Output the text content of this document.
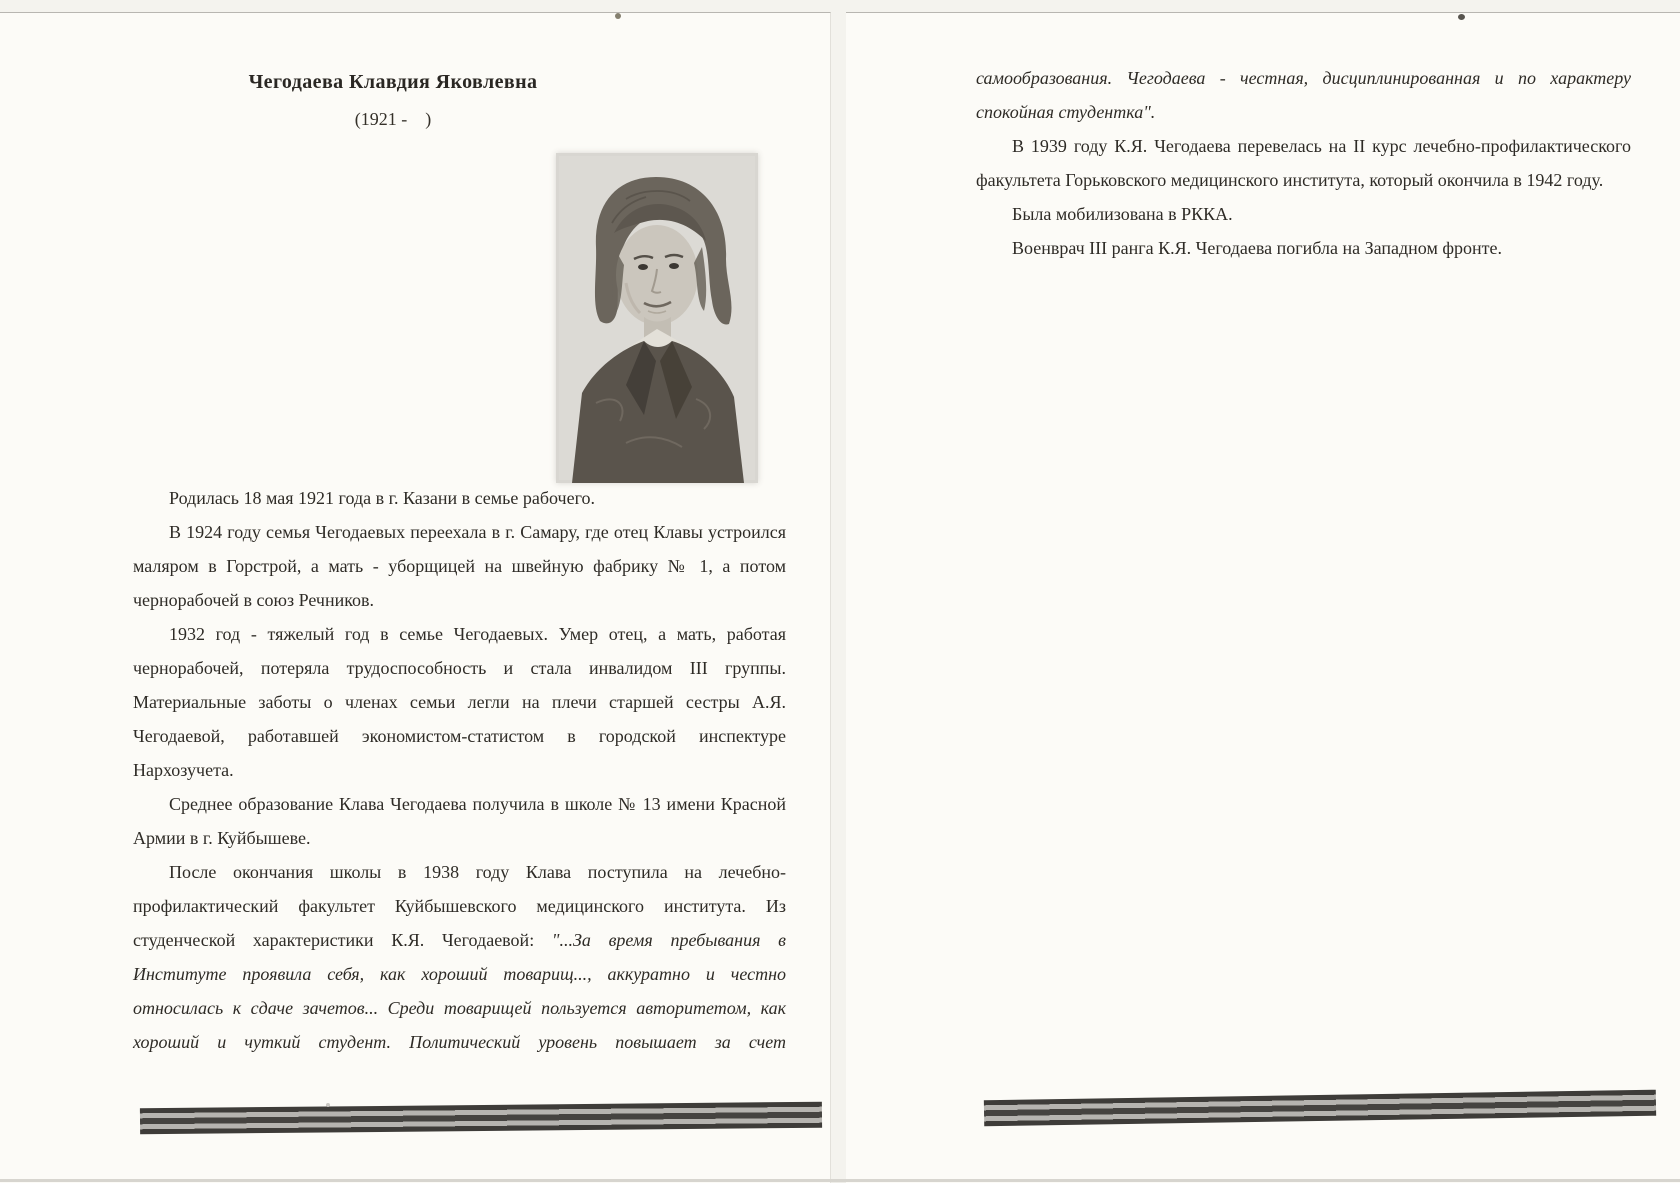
Чегодаева Клавдия Яковлевна
(1921 -    )

Родилась 18 мая 1921 года в г. Казани в семье рабочего.

В 1924 году семья Чегодаевых переехала в г. Самару, где отец Клавы устроился маляром в Горстрой, а мать - уборщицей на швейную фабрику № 1, а потом чернорабочей в союз Речников.

1932 год - тяжелый год в семье Чегодаевых. Умер отец, а мать, работая чернорабочей, потеряла трудоспособность и стала инвалидом III группы. Материальные заботы о членах семьи легли на плечи старшей сестры А.Я. Чегодаевой, работавшей экономистом-статистом в городской инспектуре Нархозучета.

Среднее образование Клава Чегодаева получила в школе № 13 имени Красной Армии в г. Куйбышеве.

После окончания школы в 1938 году Клава поступила на лечебно-профилактический факультет Куйбышевского медицинского института. Из студенческой характеристики К.Я. Чегодаевой: "...За время пребывания в Институте проявила себя, как хороший товарищ..., аккуратно и честно относилась к сдаче зачетов... Среди товарищей пользуется авторитетом, как хороший и чуткий студент. Политический уровень повышает за счет

самообразования. Чегодаева - честная, дисциплинированная и по характеру спокойная студентка".

В 1939 году К.Я. Чегодаева перевелась на II курс лечебно-профилактического факультета Горьковского медицинского института, который окончила в 1942 году.

Была мобилизована в РККА.

Военврач III ранга К.Я. Чегодаева погибла на Западном фронте.
